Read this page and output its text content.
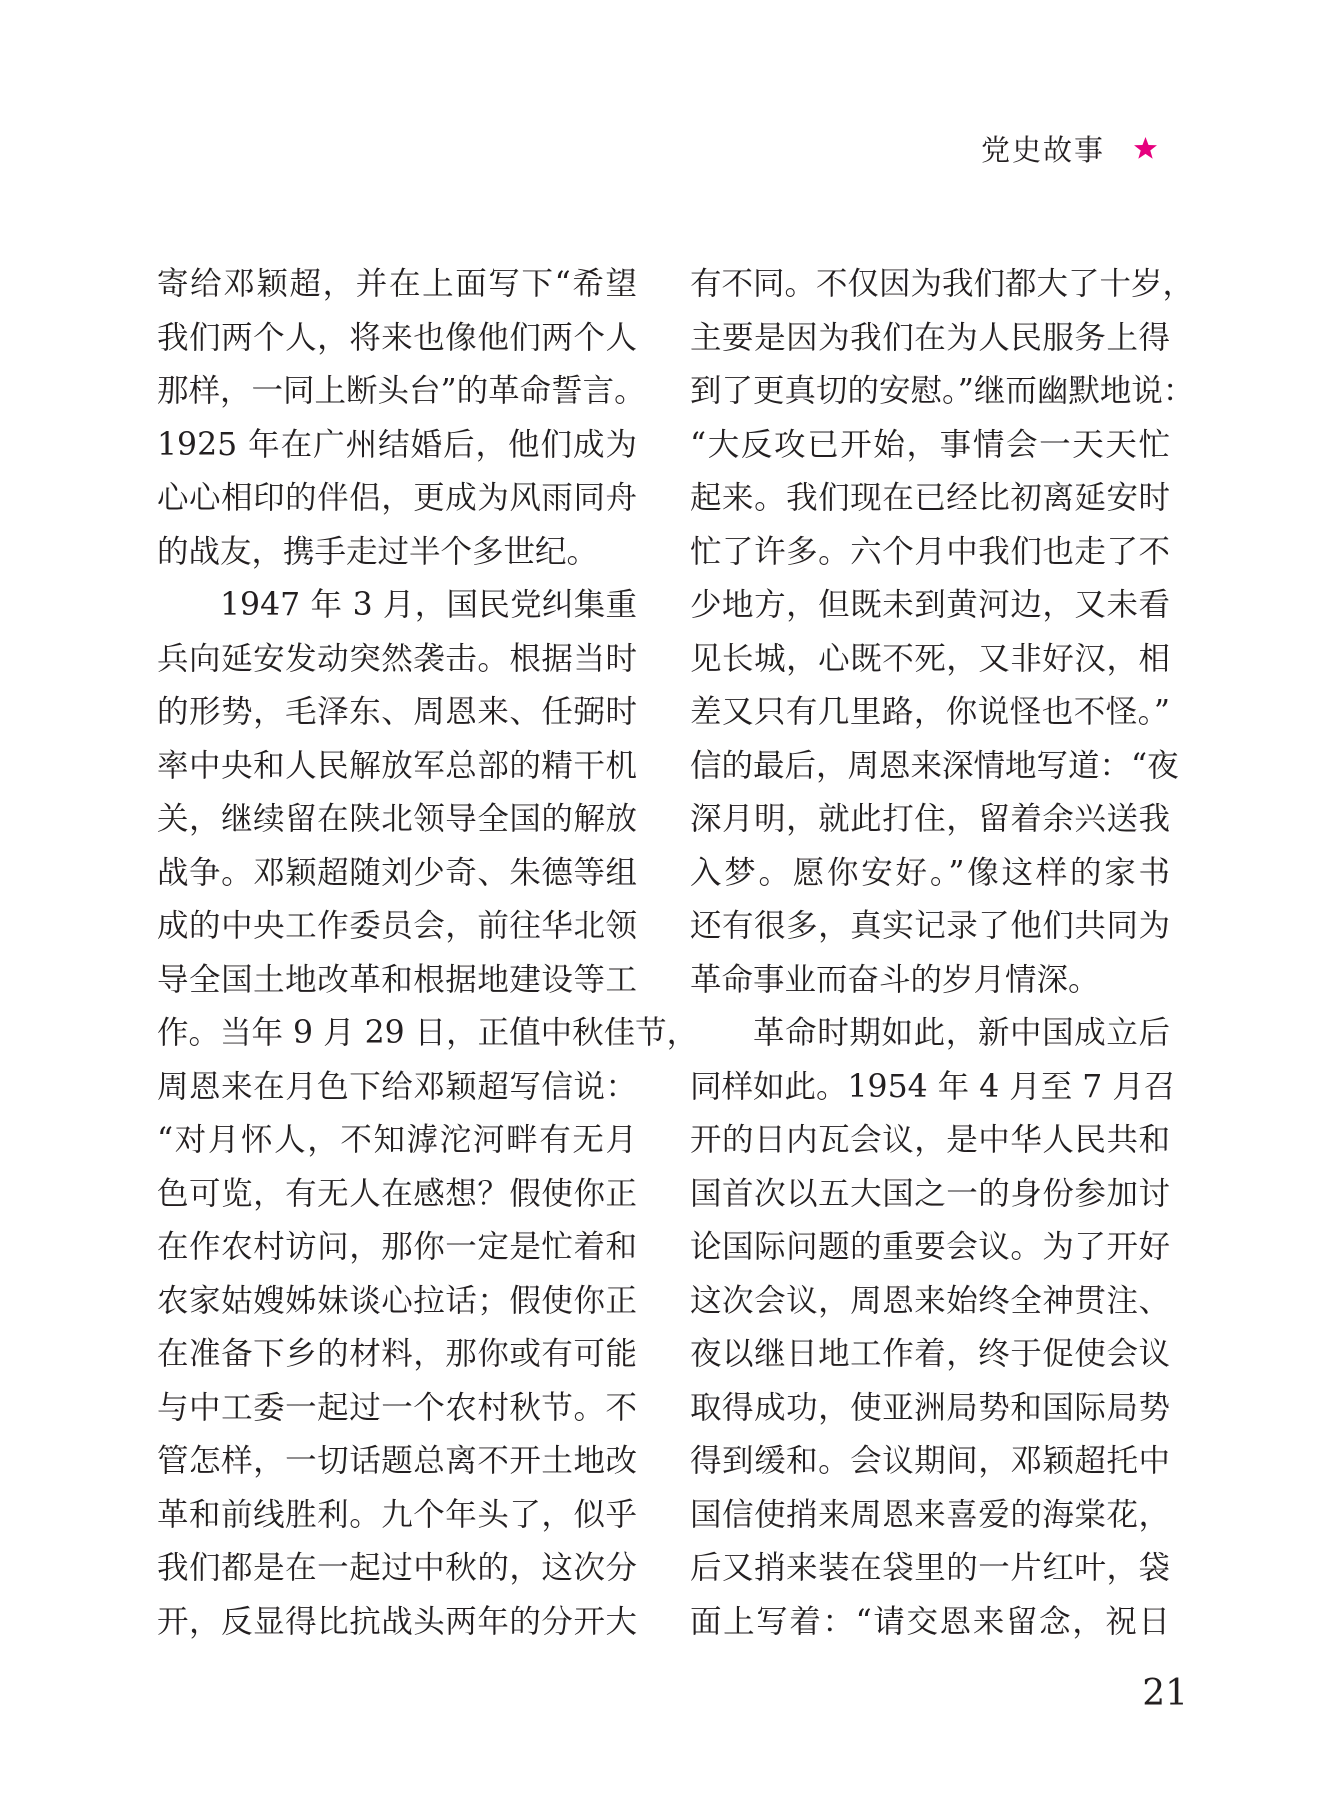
党史故事
寄给邓颖超，并在上面写下“希望
我们两个人，将来也像他们两个人
那样，一同上断头台”的革命誓言。
1925 年在广州结婚后，他们成为
心心相印的伴侣，更成为风雨同舟
的战友，携手走过半个多世纪。
1947 年 3 月，国民党纠集重
兵向延安发动突然袭击。根据当时
的形势，毛泽东、周恩来、任弼时
率中央和人民解放军总部的精干机
关，继续留在陕北领导全国的解放
战争。邓颖超随刘少奇、朱德等组
成的中央工作委员会，前往华北领
导全国土地改革和根据地建设等工
作。当年 9 月 29 日，正值中秋佳节，
周恩来在月色下给邓颖超写信说：
“对月怀人，不知滹沱河畔有无月
色可览，有无人在感想？假使你正
在作农村访问，那你一定是忙着和
农家姑嫂姊妹谈心拉话；假使你正
在准备下乡的材料，那你或有可能
与中工委一起过一个农村秋节。不
管怎样，一切话题总离不开土地改
革和前线胜利。九个年头了，似乎
我们都是在一起过中秋的，这次分
开，反显得比抗战头两年的分开大
有不同。不仅因为我们都大了十岁，
主要是因为我们在为人民服务上得
到了更真切的安慰。”继而幽默地说：
“大反攻已开始，事情会一天天忙
起来。我们现在已经比初离延安时
忙了许多。六个月中我们也走了不
少地方，但既未到黄河边，又未看
见长城，心既不死，又非好汉，相
差又只有几里路，你说怪也不怪。”
信的最后，周恩来深情地写道：“夜
深月明，就此打住，留着余兴送我
入梦。愿你安好。”像这样的家书
还有很多，真实记录了他们共同为
革命事业而奋斗的岁月情深。
革命时期如此，新中国成立后
同样如此。1954 年 4 月至 7 月召
开的日内瓦会议，是中华人民共和
国首次以五大国之一的身份参加讨
论国际问题的重要会议。为了开好
这次会议，周恩来始终全神贯注、
夜以继日地工作着，终于促使会议
取得成功，使亚洲局势和国际局势
得到缓和。会议期间，邓颖超托中
国信使捎来周恩来喜爱的海棠花，
后又捎来装在袋里的一片红叶，袋
面上写着：“请交恩来留念，祝日
21
